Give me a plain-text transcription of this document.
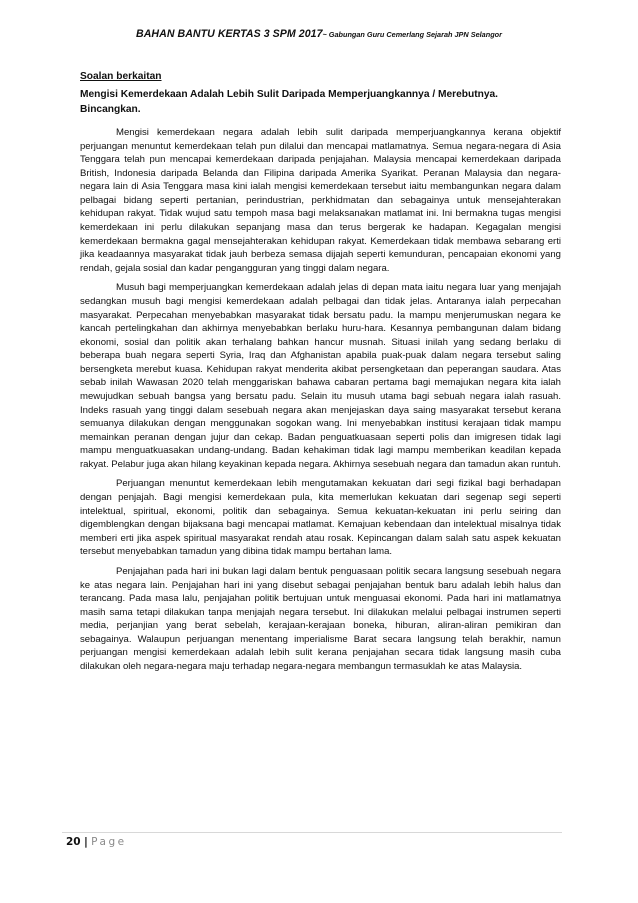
BAHAN BANTU KERTAS 3 SPM 2017~ Gabungan Guru Cemerlang Sejarah JPN Selangor
Soalan berkaitan
Mengisi Kemerdekaan Adalah Lebih Sulit Daripada Memperjuangkannya / Merebutnya. Bincangkan.

Mengisi kemerdekaan negara adalah lebih sulit daripada memperjuangkannya kerana objektif perjuangan menuntut kemerdekaan telah pun dilalui dan mencapai matlamatnya. Semua negara-negara di Asia Tenggara telah pun mencapai kemerdekaan daripada penjajahan. Malaysia mencapai kemerdekaan daripada British, Indonesia daripada Belanda dan Filipina daripada Amerika Syarikat. Peranan Malaysia dan negara-negara lain di Asia Tenggara masa kini ialah mengisi kemerdekaan tersebut iaitu membangunkan negara dalam pelbagai bidang seperti pertanian, perindustrian, perkhidmatan dan sebagainya untuk mensejahterakan kehidupan rakyat. Tidak wujud satu tempoh masa bagi melaksanakan matlamat ini. Ini bermakna tugas mengisi kemerdekaan ini perlu dilakukan sepanjang masa dan terus bergerak ke hadapan. Kegagalan mengisi kemerdekaan bermakna gagal mensejahterakan kehidupan rakyat. Kemerdekaan tidak membawa sebarang erti jika keadaannya masyarakat tidak jauh berbeza semasa dijajah seperti kemunduran, pencapaian ekonomi yang rendah, gejala sosial dan kadar pengangguran yang tinggi dalam negara.

Musuh bagi memperjuangkan kemerdekaan adalah jelas di depan mata iaitu negara luar yang menjajah sedangkan musuh bagi mengisi kemerdekaan adalah pelbagai dan tidak jelas. Antaranya ialah perpecahan masyarakat. Perpecahan menyebabkan masyarakat tidak bersatu padu. Ia mampu menjerumuskan negara ke kancah pertelingkahan dan akhirnya menyebabkan berlaku huru-hara. Kesannya pembangunan dalam bidang ekonomi, sosial dan politik akan terhalang bahkan hancur musnah. Situasi inilah yang sedang berlaku di beberapa buah negara seperti Syria, Iraq dan Afghanistan apabila puak-puak dalam negara tersebut saling bersengketa merebut kuasa. Kehidupan rakyat menderita akibat persengketaan dan peperangan saudara. Atas sebab inilah Wawasan 2020 telah menggariskan bahawa cabaran pertama bagi memajukan negara kita ialah mewujudkan sebuah bangsa yang bersatu padu. Selain itu musuh utama bagi sebuah negara ialah rasuah. Indeks rasuah yang tinggi dalam sesebuah negara akan menjejaskan daya saing masyarakat tersebut kerana semuanya dilakukan dengan menggunakan sogokan wang. Ini menyebabkan institusi kerajaan tidak mampu memainkan peranan dengan jujur dan cekap. Badan penguatkuasaan seperti polis dan imigresen tidak lagi mampu menguatkuasakan undang-undang. Badan kehakiman tidak lagi mampu memberikan keadilan kepada rakyat. Pelabur juga akan hilang keyakinan kepada negara. Akhirnya sesebuah negara dan tamadun akan runtuh.

Perjuangan menuntut kemerdekaan lebih mengutamakan kekuatan dari segi fizikal bagi berhadapan dengan penjajah. Bagi mengisi kemerdekaan pula, kita memerlukan kekuatan dari segenap segi seperti intelektual, spiritual, ekonomi, politik dan sebagainya. Semua kekuatan-kekuatan ini perlu seiring dan digemblengkan dengan bijaksana bagi mencapai matlamat. Kemajuan kebendaan dan intelektual misalnya tidak memberi erti jika aspek spiritual masyarakat rendah atau rosak. Kepincangan dalam salah satu aspek kekuatan tersebut menyebabkan tamadun yang dibina tidak mampu bertahan lama.

Penjajahan pada hari ini bukan lagi dalam bentuk penguasaan politik secara langsung sesebuah negara ke atas negara lain. Penjajahan hari ini yang disebut sebagai penjajahan bentuk baru adalah lebih halus dan terancang. Pada masa lalu, penjajahan politik bertujuan untuk menguasai ekonomi. Pada hari ini matlamatnya masih sama tetapi dilakukan tanpa menjajah negara tersebut. Ini dilakukan melalui pelbagai instrumen seperti media, perjanjian yang berat sebelah, kerajaan-kerajaan boneka, hiburan, aliran-aliran pemikiran dan sebagainya. Walaupun perjuangan menentang imperialisme Barat secara langsung telah berakhir, namun perjuangan mengisi kemerdekaan adalah lebih sulit kerana penjajahan secara tidak langsung masih cuba dilakukan oleh negara-negara maju terhadap negara-negara membangun termasuklah ke atas Malaysia.

20 | Page
